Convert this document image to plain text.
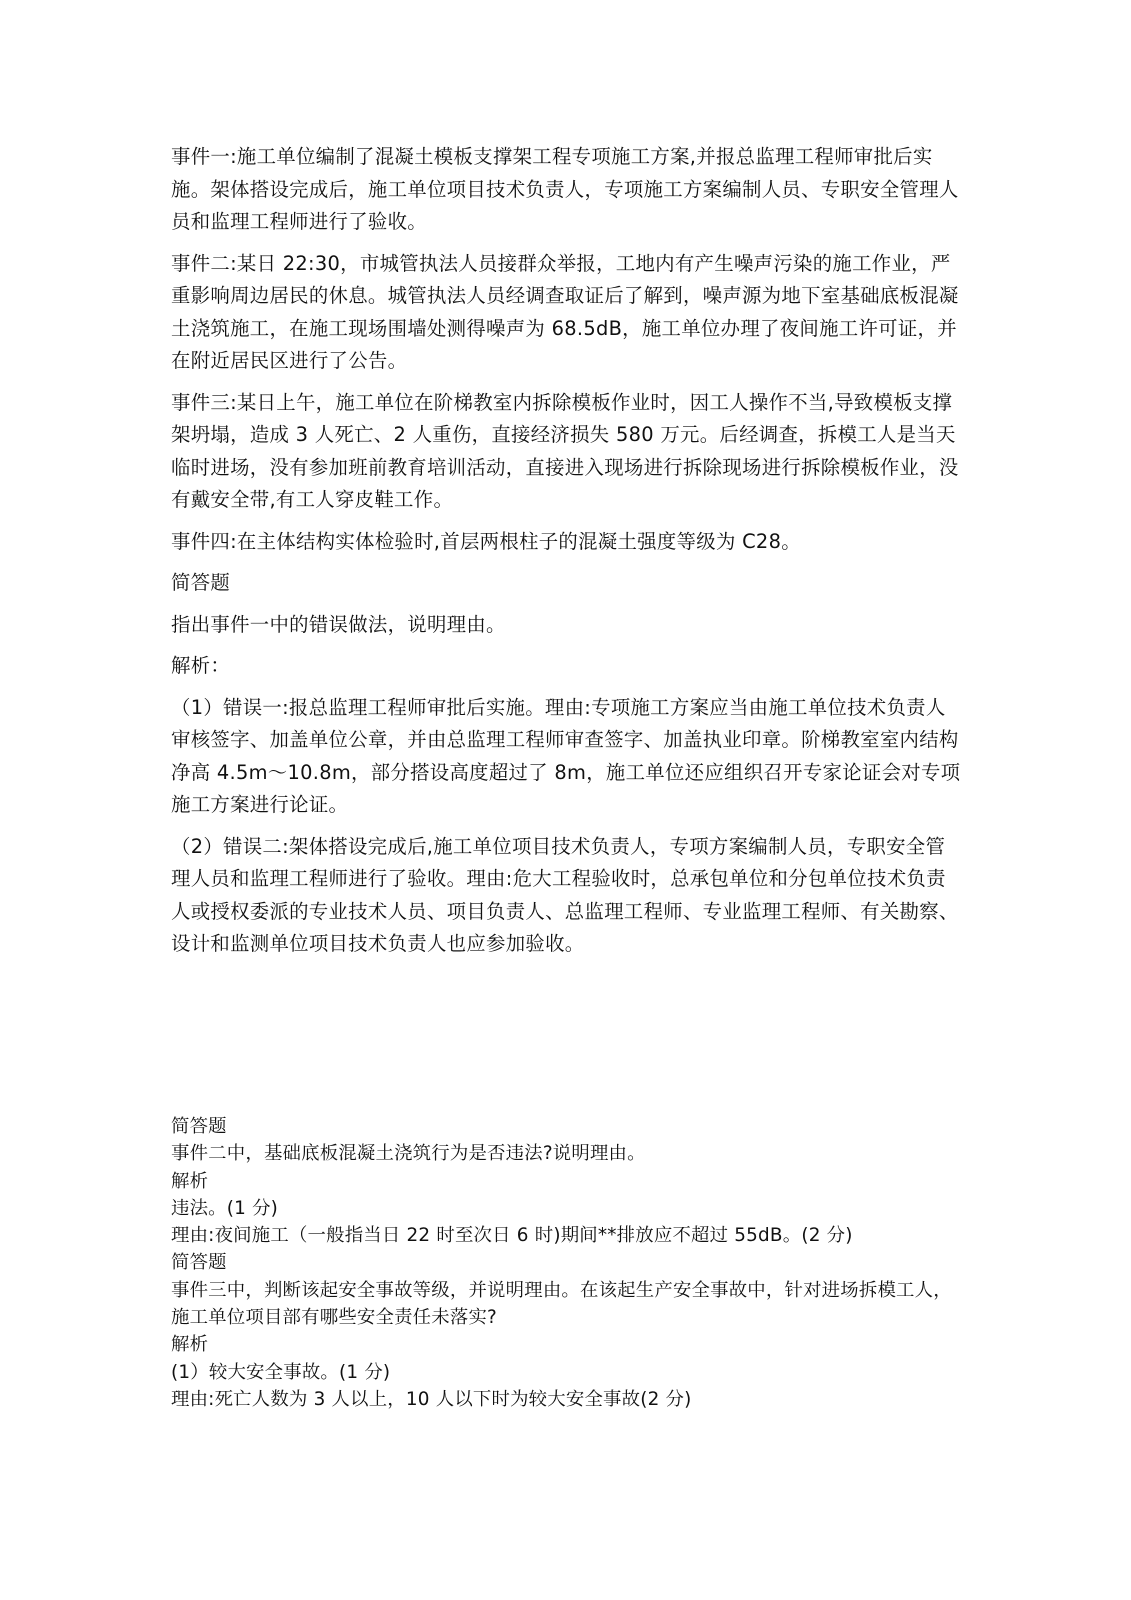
事件一:施工单位编制了混凝土模板支撑架工程专项施工方案,并报总监理工程师审批后实施。架体搭设完成后，施工单位项目技术负责人，专项施工方案编制人员、专职安全管理人员和监理工程师进行了验收。

事件二:某日 22:30，市城管执法人员接群众举报，工地内有产生噪声污染的施工作业，严重影响周边居民的休息。城管执法人员经调查取证后了解到，噪声源为地下室基础底板混凝土浇筑施工，在施工现场围墙处测得噪声为 68.5dB，施工单位办理了夜间施工许可证，并在附近居民区进行了公告。

事件三:某日上午，施工单位在阶梯教室内拆除模板作业时，因工人操作不当,导致模板支撑架坍塌，造成 3 人死亡、2 人重伤，直接经济损失 580 万元。后经调查，拆模工人是当天临时进场，没有参加班前教育培训活动，直接进入现场进行拆除现场进行拆除模板作业，没有戴安全带,有工人穿皮鞋工作。

事件四:在主体结构实体检验时,首层两根柱子的混凝土强度等级为 C28。

简答题

指出事件一中的错误做法，说明理由。

解析：

（1）错误一:报总监理工程师审批后实施。理由:专项施工方案应当由施工单位技术负责人审核签字、加盖单位公章，并由总监理工程师审查签字、加盖执业印章。阶梯教室室内结构净高 4.5m～10.8m，部分搭设高度超过了 8m，施工单位还应组织召开专家论证会对专项施工方案进行论证。

（2）错误二:架体搭设完成后,施工单位项目技术负责人，专项方案编制人员，专职安全管理人员和监理工程师进行了验收。理由:危大工程验收时，总承包单位和分包单位技术负责人或授权委派的专业技术人员、项目负责人、总监理工程师、专业监理工程师、有关勘察、设计和监测单位项目技术负责人也应参加验收。

简答题

事件二中，基础底板混凝土浇筑行为是否违法?说明理由。

解析

违法。(1 分)

理由:夜间施工（一般指当日 22 时至次日 6 时)期间**排放应不超过 55dB。(2 分)

简答题

事件三中，判断该起安全事故等级，并说明理由。在该起生产安全事故中，针对进场拆模工人，施工单位项目部有哪些安全责任未落实?

解析

(1）较大安全事故。(1 分)

理由:死亡人数为 3 人以上，10 人以下时为较大安全事故(2 分)
